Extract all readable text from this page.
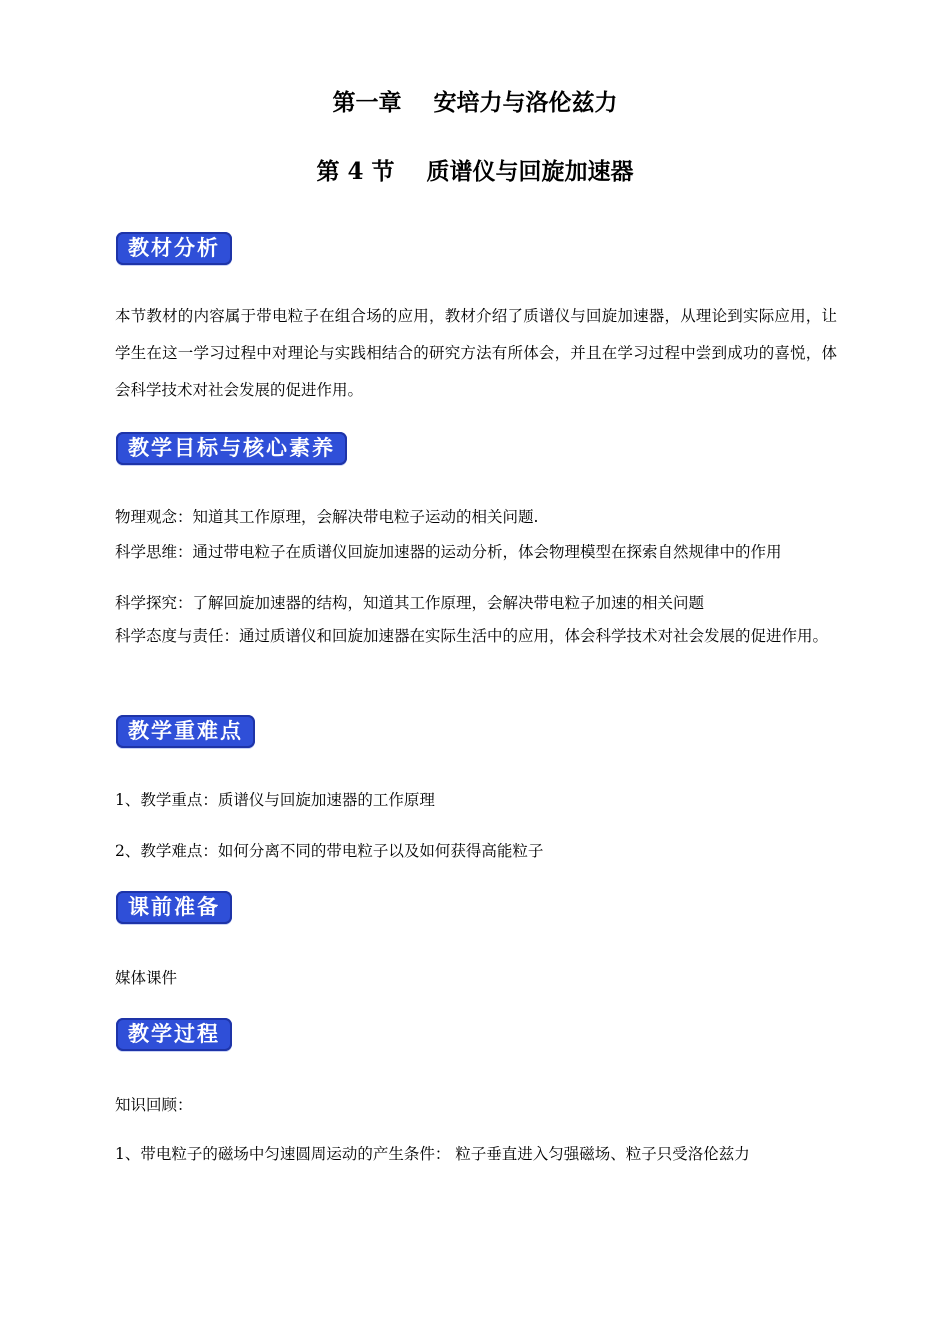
第一章    安培力与洛伦兹力
第 4 节    质谱仪与回旋加速器
教材分析
本节教材的内容属于带电粒子在组合场的应用，教材介绍了质谱仪与回旋加速器，从理论到实际应用，让学生在这一学习过程中对理论与实践相结合的研究方法有所体会，并且在学习过程中尝到成功的喜悦，体会科学技术对社会发展的促进作用。
教学目标与核心素养
物理观念：知道其工作原理，会解决带电粒子运动的相关问题.
科学思维：通过带电粒子在质谱仪回旋加速器的运动分析，体会物理模型在探索自然规律中的作用
科学探究：了解回旋加速器的结构，知道其工作原理，会解决带电粒子加速的相关问题
科学态度与责任：通过质谱仪和回旋加速器在实际生活中的应用，体会科学技术对社会发展的促进作用。
教学重难点
1、教学重点：质谱仪与回旋加速器的工作原理
2、教学难点：如何分离不同的带电粒子以及如何获得高能粒子
课前准备
媒体课件
教学过程
知识回顾：
1、带电粒子的磁场中匀速圆周运动的产生条件： 粒子垂直进入匀强磁场、粒子只受洛伦兹力
